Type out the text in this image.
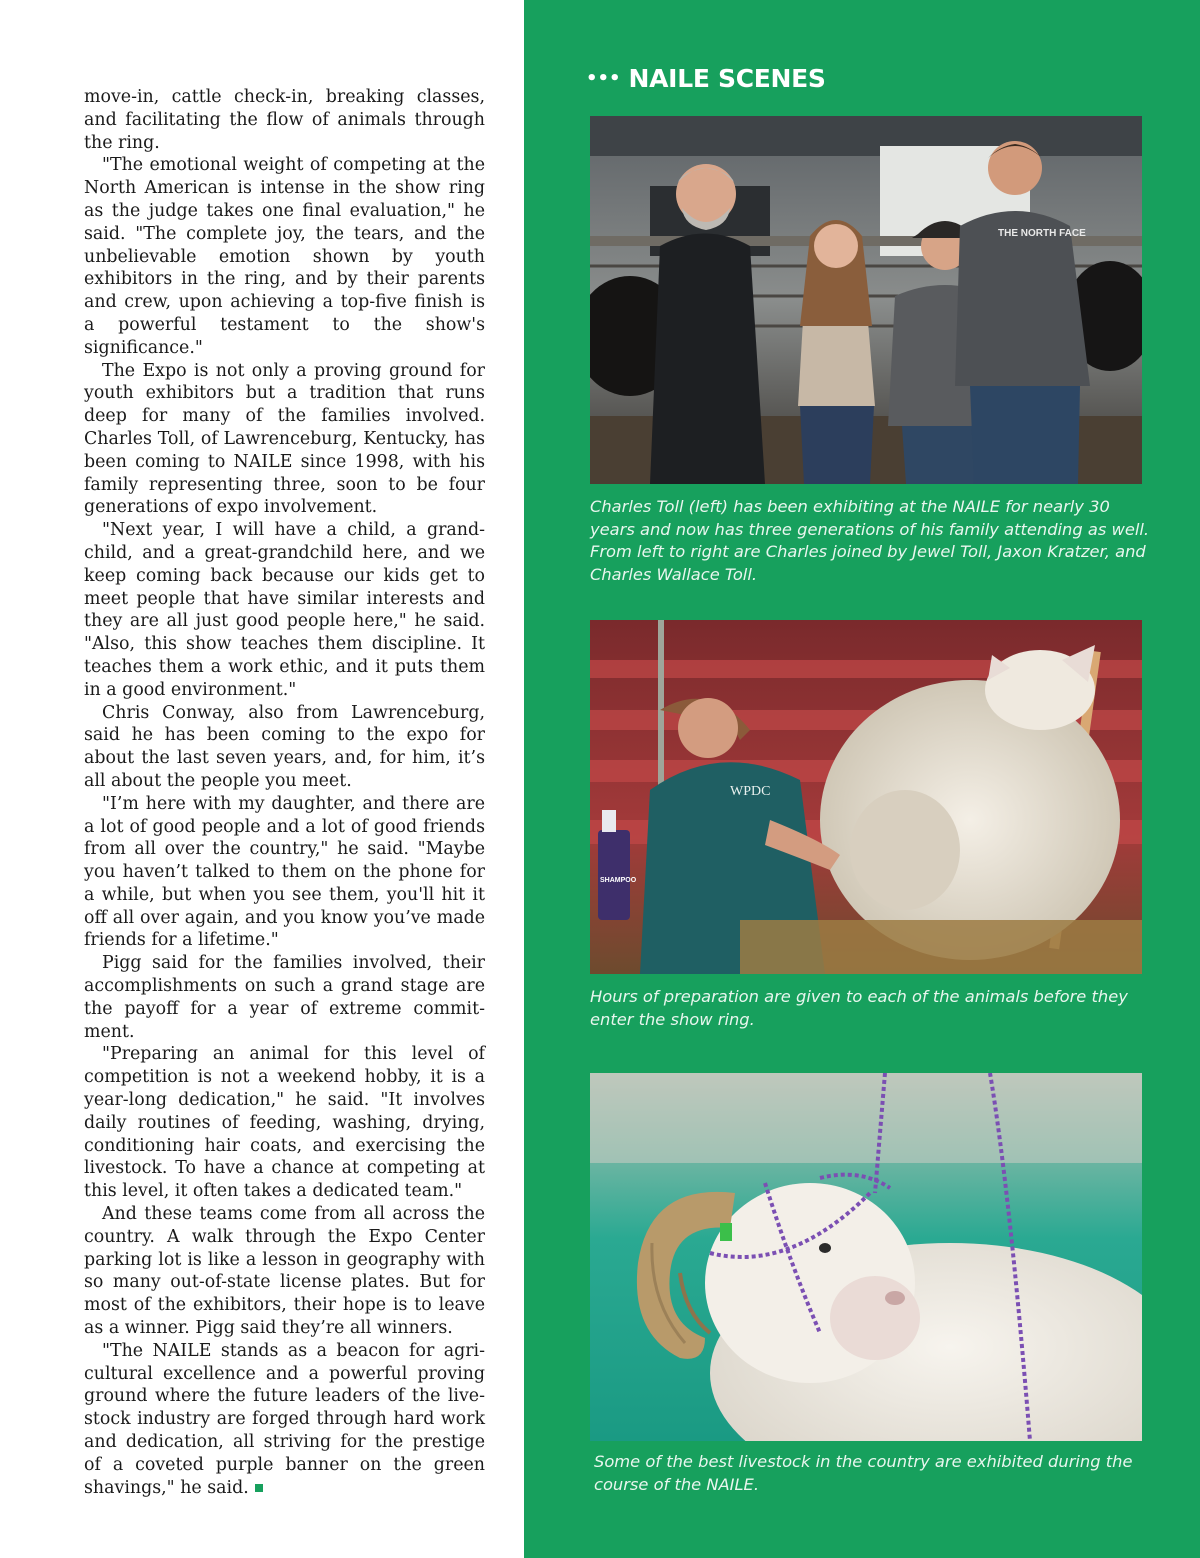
move-in, cattle check-in, breaking classes, and facilitating the flow of animals through the ring.

"The emotional weight of competing at the North American is intense in the show ring as the judge takes one final evaluation," he said. "The complete joy, the tears, and the unbelievable emotion shown by youth exhibitors in the ring, and by their parents and crew, upon achieving a top-five finish is a powerful testament to the show's significance."

The Expo is not only a proving ground for youth exhibitors but a tradition that runs deep for many of the families involved. Charles Toll, of Lawrenceburg, Kentucky, has been coming to NAILE since 1998, with his family representing three, soon to be four generations of expo involvement.

"Next year, I will have a child, a grandchild, and a great-grandchild here, and we keep coming back because our kids get to meet people that have similar interests and they are all just good people here," he said. "Also, this show teaches them discipline. It teaches them a work ethic, and it puts them in a good environment."

Chris Conway, also from Lawrenceburg, said he has been coming to the expo for about the last seven years, and, for him, it’s all about the people you meet.

"I’m here with my daughter, and there are a lot of good people and a lot of good friends from all over the country," he said. "Maybe you haven’t talked to them on the phone for a while, but when you see them, you'll hit it off all over again, and you know you’ve made friends for a lifetime."

Pigg said for the families involved, their accomplishments on such a grand stage are the payoff for a year of extreme commitment.

"Preparing an animal for this level of competition is not a weekend hobby, it is a year-long dedication," he said. "It involves daily routines of feeding, washing, drying, conditioning hair coats, and exercising the livestock. To have a chance at competing at this level, it often takes a dedicated team."

And these teams come from all across the country. A walk through the Expo Center parking lot is like a lesson in geography with so many out-of-state license plates. But for most of the exhibitors, their hope is to leave as a winner. Pigg said they’re all winners.

"The NAILE stands as a beacon for agricultural excellence and a powerful proving ground where the future leaders of the livestock industry are forged through hard work and dedication, all striving for the prestige of a coveted purple banner on the green shavings," he said.

••• NAILE SCENES
THE NORTH FACE
Charles Toll (left) has been exhibiting at the NAILE for nearly 30 years and now has three generations of his family attending as well. From left to right are Charles joined by Jewel Toll, Jaxon Kratzer, and Charles Wallace Toll.
WPDC
SHAMPOO
Hours of preparation are given to each of the animals before they enter the show ring.
Some of the best livestock in the country are exhibited during the course of the NAILE.
